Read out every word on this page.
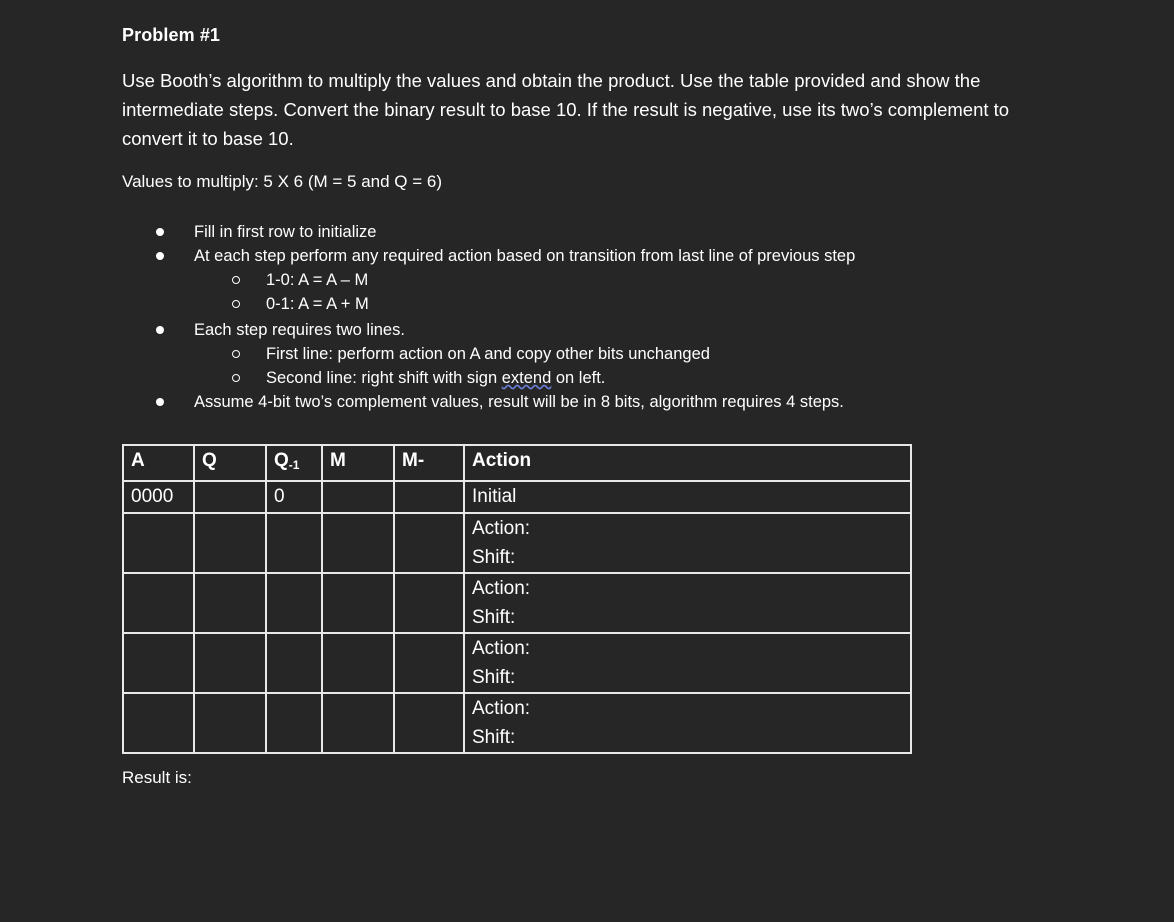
Problem #1
Use Booth’s algorithm to multiply the values and obtain the product. Use the table provided and show the intermediate steps. Convert the binary result to base 10. If the result is negative, use its two’s complement to convert it to base 10.
Values to multiply: 5 X 6 (M = 5 and Q = 6)
Fill in first row to initialize
At each step perform any required action based on transition from last line of previous step
1-0: A = A – M
0-1: A = A + M
Each step requires two lines.
First line: perform action on A and copy other bits unchanged
Second line: right shift with sign extend on left.
Assume 4-bit two’s complement values, result will be in 8 bits, algorithm requires 4 steps.
A	Q	$Q_{-1}$	M	M-	Action
0000		0			Initial

					Action:
Shift:

					Action:
Shift:

					Action:
Shift:

					Action:
Shift:
Result is:
